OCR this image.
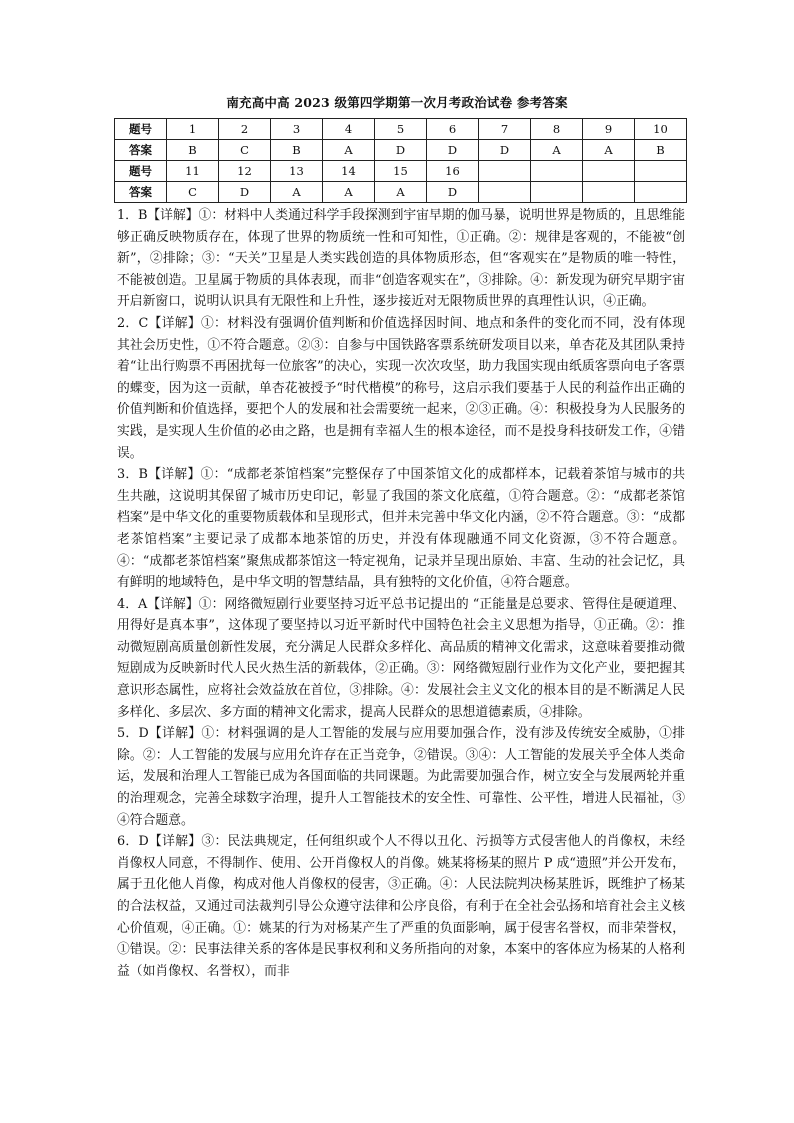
南充高中高 2023 级第四学期第一次月考政治试卷 参考答案
题号	1	2	3	4	5	6	7	8	9	10
答案	B	C	B	A	D	D	D	A	A	B
题号	11	12	13	14	15	16				
答案	C	D	A	A	A	D				

1．B【详解】①：材料中人类通过科学手段探测到宇宙早期的伽马暴，说明世界是物质的，且思维能够正确反映物质存在，体现了世界的物质统一性和可知性，①正确。②：规律是客观的，不能被“创新”，②排除；③：“天关”卫星是人类实践创造的具体物质形态，但“客观实在”是物质的唯一特性，不能被创造。卫星属于物质的具体表现，而非“创造客观实在”，③排除。④：新发现为研究早期宇宙开启新窗口，说明认识具有无限性和上升性，逐步接近对无限物质世界的真理性认识，④正确。

2．C【详解】①：材料没有强调价值判断和价值选择因时间、地点和条件的变化而不同，没有体现其社会历史性，①不符合题意。②③：自参与中国铁路客票系统研发项目以来，单杏花及其团队秉持着“让出行购票不再困扰每一位旅客”的决心，实现一次次攻坚，助力我国实现由纸质客票向电子客票的蝶变，因为这一贡献，单杏花被授予“时代楷模”的称号，这启示我们要基于人民的利益作出正确的价值判断和价值选择，要把个人的发展和社会需要统一起来，②③正确。④：积极投身为人民服务的实践，是实现人生价值的必由之路，也是拥有幸福人生的根本途径，而不是投身科技研发工作，④错误。

3．B【详解】①：“成都老茶馆档案”完整保存了中国茶馆文化的成都样本，记载着茶馆与城市的共生共融，这说明其保留了城市历史印记，彰显了我国的茶文化底蕴，①符合题意。②：“成都老茶馆档案”是中华文化的重要物质载体和呈现形式，但并未完善中华文化内涵，②不符合题意。③：“成都老茶馆档案”主要记录了成都本地茶馆的历史，并没有体现融通不同文化资源，③不符合题意。④：“成都老茶馆档案”聚焦成都茶馆这一特定视角，记录并呈现出原始、丰富、生动的社会记忆，具有鲜明的地域特色，是中华文明的智慧结晶，具有独特的文化价值，④符合题意。

4．A【详解】①：网络微短剧行业要坚持习近平总书记提出的 “正能量是总要求、管得住是硬道理、用得好是真本事”，这体现了要坚持以习近平新时代中国特色社会主义思想为指导，①正确。②：推动微短剧高质量创新性发展，充分满足人民群众多样化、高品质的精神文化需求，这意味着要推动微短剧成为反映新时代人民火热生活的新载体，②正确。③：网络微短剧行业作为文化产业，要把握其意识形态属性，应将社会效益放在首位，③排除。④：发展社会主义文化的根本目的是不断满足人民多样化、多层次、多方面的精神文化需求，提高人民群众的思想道德素质，④排除。

5．D【详解】①：材料强调的是人工智能的发展与应用要加强合作，没有涉及传统安全威胁，①排除。②：人工智能的发展与应用允许存在正当竞争，②错误。③④：人工智能的发展关乎全体人类命运，发展和治理人工智能已成为各国面临的共同课题。为此需要加强合作，树立安全与发展两轮并重的治理观念，完善全球数字治理，提升人工智能技术的安全性、可靠性、公平性，增进人民福祉，③④符合题意。

6．D【详解】③：民法典规定，任何组织或个人不得以丑化、污损等方式侵害他人的肖像权，未经肖像权人同意，不得制作、使用、公开肖像权人的肖像。姚某将杨某的照片 P 成“遗照”并公开发布，属于丑化他人肖像，构成对他人肖像权的侵害，③正确。④：人民法院判决杨某胜诉，既维护了杨某的合法权益，又通过司法裁判引导公众遵守法律和公序良俗，有利于在全社会弘扬和培育社会主义核心价值观，④正确。①：姚某的行为对杨某产生了严重的负面影响，属于侵害名誉权，而非荣誉权，①错误。②：民事法律关系的客体是民事权利和义务所指向的对象，本案中的客体应为杨某的人格利益（如肖像权、名誉权），而非
